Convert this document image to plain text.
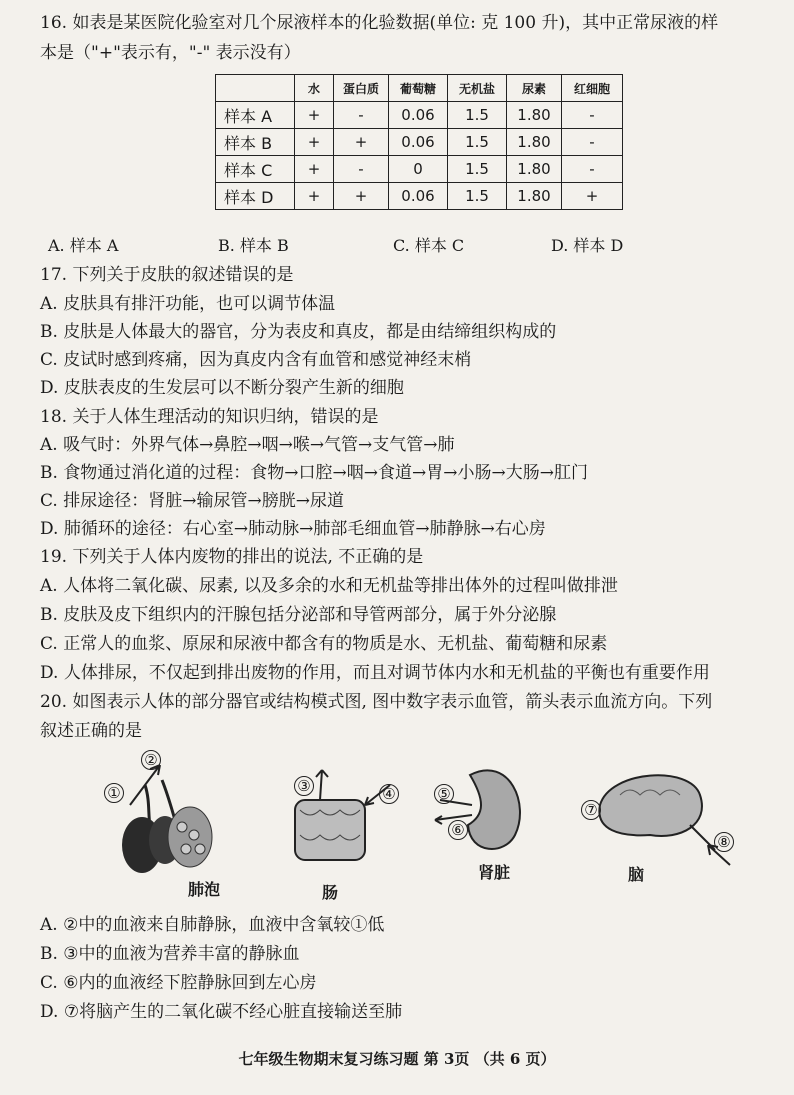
16. 如表是某医院化验室对几个尿液样本的化验数据(单位: 克 100 升)，其中正常尿液的样
本是（"+"表示有，"-" 表示没有）
	水	蛋白质	葡萄糖	无机盐	尿素	红细胞
样本 A	+	-	0.06	1.5	1.80	-
样本 B	+	+	0.06	1.5	1.80	-
样本 C	+	-	0	1.5	1.80	-
样本 D	+	+	0.06	1.5	1.80	+
A. 样本 A	B. 样本 B	C. 样本 C	D. 样本 D
17. 下列关于皮肤的叙述错误的是
A. 皮肤具有排汗功能，也可以调节体温
B. 皮肤是人体最大的器官，分为表皮和真皮，都是由结缔组织构成的
C. 皮试时感到疼痛，因为真皮内含有血管和感觉神经末梢
D. 皮肤表皮的生发层可以不断分裂产生新的细胞
18. 关于人体生理活动的知识归纳，错误的是
A. 吸气时：外界气体→鼻腔→咽→喉→气管→支气管→肺
B. 食物通过消化道的过程：食物→口腔→咽→食道→胃→小肠→大肠→肛门
C. 排尿途径：肾脏→输尿管→膀胱→尿道
D. 肺循环的途径：右心室→肺动脉→肺部毛细血管→肺静脉→右心房
19. 下列关于人体内废物的排出的说法, 不正确的是
A. 人体将二氧化碳、尿素, 以及多余的水和无机盐等排出体外的过程叫做排泄
B. 皮肤及皮下组织内的汗腺包括分泌部和导管两部分，属于外分泌腺
C. 正常人的血浆、原尿和尿液中都含有的物质是水、无机盐、葡萄糖和尿素
D. 人体排尿，不仅起到排出废物的作用，而且对调节体内水和无机盐的平衡也有重要作用
20. 如图表示人体的部分器官或结构模式图, 图中数字表示血管，箭头表示血流方向。下列
叙述正确的是
①
②
③	④	⑤
⑥
⑦
⑧
肺泡	肠
肾脏	脑
A. ②中的血液来自肺静脉，血液中含氧较①低
B. ③中的血液为营养丰富的静脉血
C. ⑥内的血液经下腔静脉回到左心房
D. ⑦将脑产生的二氧化碳不经心脏直接输送至肺
七年级生物期末复习练习题 第 3页 （共 6 页）
